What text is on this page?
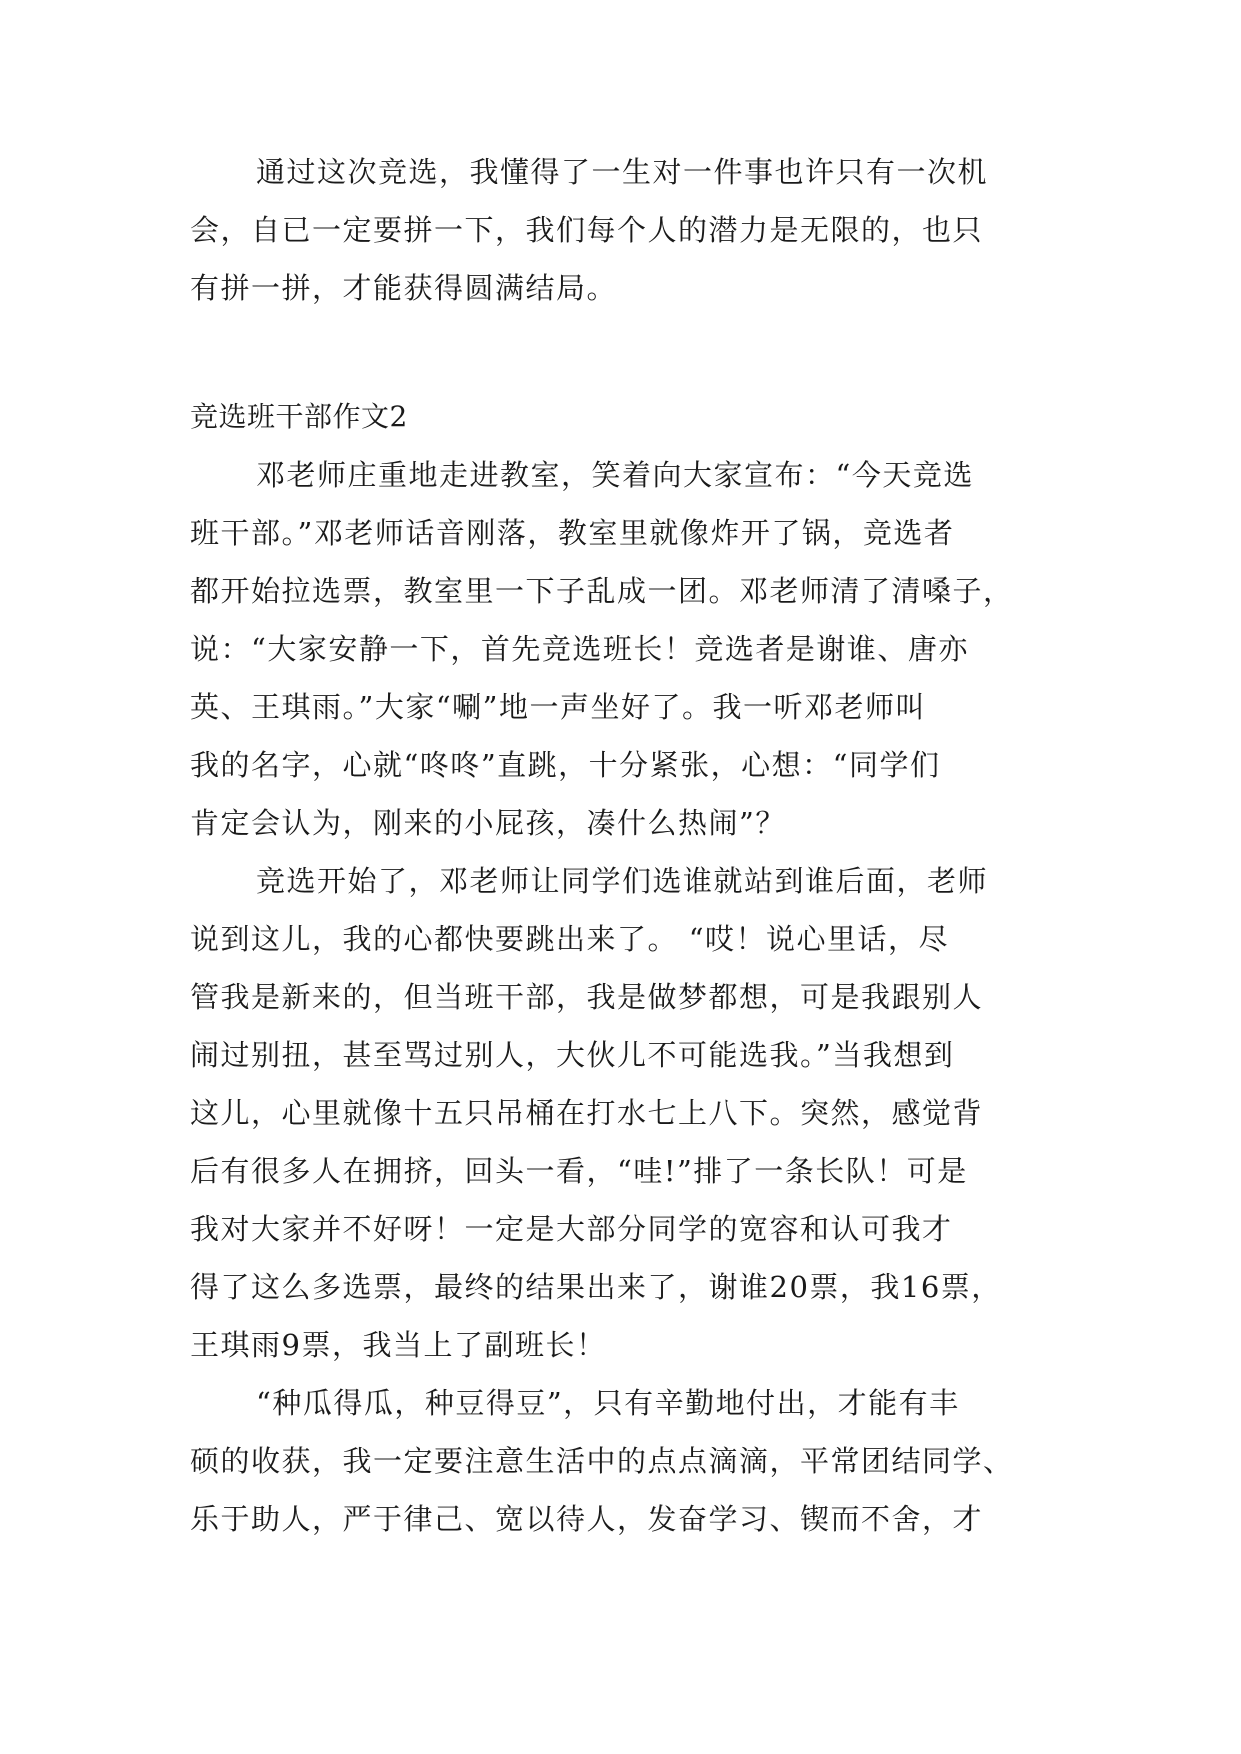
通过这次竞选，我懂得了一生对一件事也许只有一次机

会，自已一定要拼一下，我们每个人的潜力是无限的，也只

有拼一拼，才能获得圆满结局。

竞选班干部作文2

邓老师庄重地走进教室，笑着向大家宣布：“今天竞选

班干部。”邓老师话音刚落，教室里就像炸开了锅，竞选者

都开始拉选票，教室里一下子乱成一团。邓老师清了清嗓子，

说：“大家安静一下，首先竞选班长！竞选者是谢谁、唐亦

英、王琪雨。”大家“唰”地一声坐好了。我一听邓老师叫

我的名字，心就“咚咚”直跳，十分紧张，心想：“同学们

肯定会认为，刚来的小屁孩，凑什么热闹”？

竞选开始了，邓老师让同学们选谁就站到谁后面，老师

说到这儿，我的心都快要跳出来了。 “哎！说心里话，尽

管我是新来的，但当班干部，我是做梦都想，可是我跟别人

闹过别扭，甚至骂过别人，大伙儿不可能选我。”当我想到

这儿，心里就像十五只吊桶在打水七上八下。突然，感觉背

后有很多人在拥挤，回头一看，“哇!”排了一条长队！可是

我对大家并不好呀！一定是大部分同学的宽容和认可我才

得了这么多选票，最终的结果出来了，谢谁20票，我16票，

王琪雨9票，我当上了副班长！

“种瓜得瓜，种豆得豆”，只有辛勤地付出，才能有丰

硕的收获，我一定要注意生活中的点点滴滴，平常团结同学、

乐于助人，严于律己、宽以待人，发奋学习、锲而不舍，才
